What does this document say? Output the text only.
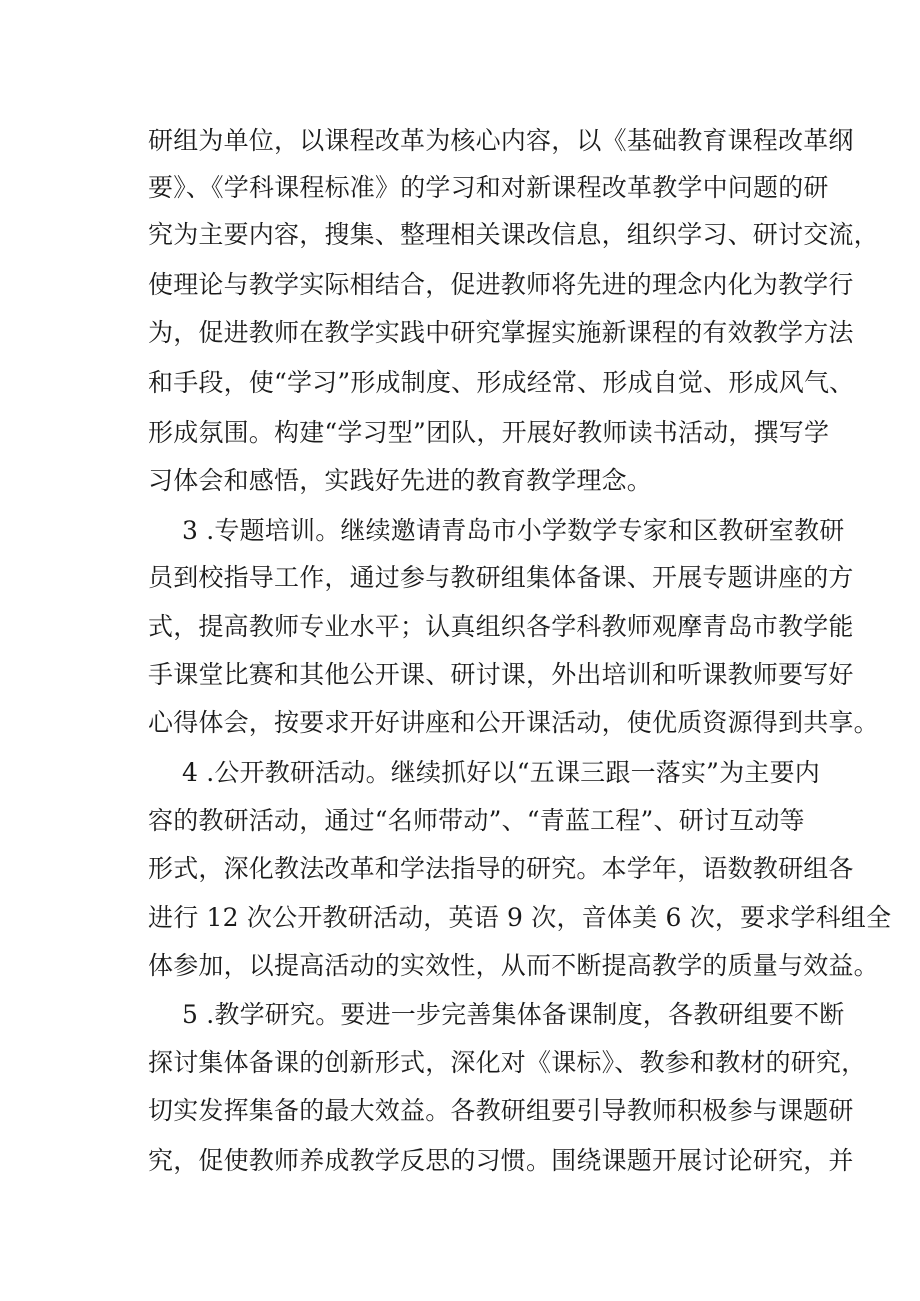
研组为单位，以课程改革为核心内容，以《基础教育课程改革纲
要》、《学科课程标准》的学习和对新课程改革教学中问题的研
究为主要内容，搜集、整理相关课改信息，组织学习、研讨交流，
使理论与教学实际相结合，促进教师将先进的理念内化为教学行
为，促进教师在教学实践中研究掌握实施新课程的有效教学方法
和手段，使“学习”形成制度、形成经常、形成自觉、形成风气、
形成氛围。构建“学习型”团队，开展好教师读书活动，撰写学
习体会和感悟，实践好先进的教育教学理念。
3 .专题培训。继续邀请青岛市小学数学专家和区教研室教研
员到校指导工作，通过参与教研组集体备课、开展专题讲座的方
式，提高教师专业水平；认真组织各学科教师观摩青岛市教学能
手课堂比赛和其他公开课、研讨课，外出培训和听课教师要写好
心得体会，按要求开好讲座和公开课活动，使优质资源得到共享。
4 .公开教研活动。继续抓好以“五课三跟一落实”为主要内
容的教研活动，通过“名师带动”、“青蓝工程”、研讨互动等
形式，深化教法改革和学法指导的研究。本学年，语数教研组各
进行 12 次公开教研活动，英语 9 次，音体美 6 次，要求学科组全
体参加，以提高活动的实效性，从而不断提高教学的质量与效益。
5 .教学研究。要进一步完善集体备课制度，各教研组要不断
探讨集体备课的创新形式，深化对《课标》、教参和教材的研究，
切实发挥集备的最大效益。各教研组要引导教师积极参与课题研
究，促使教师养成教学反思的习惯。围绕课题开展讨论研究，并
